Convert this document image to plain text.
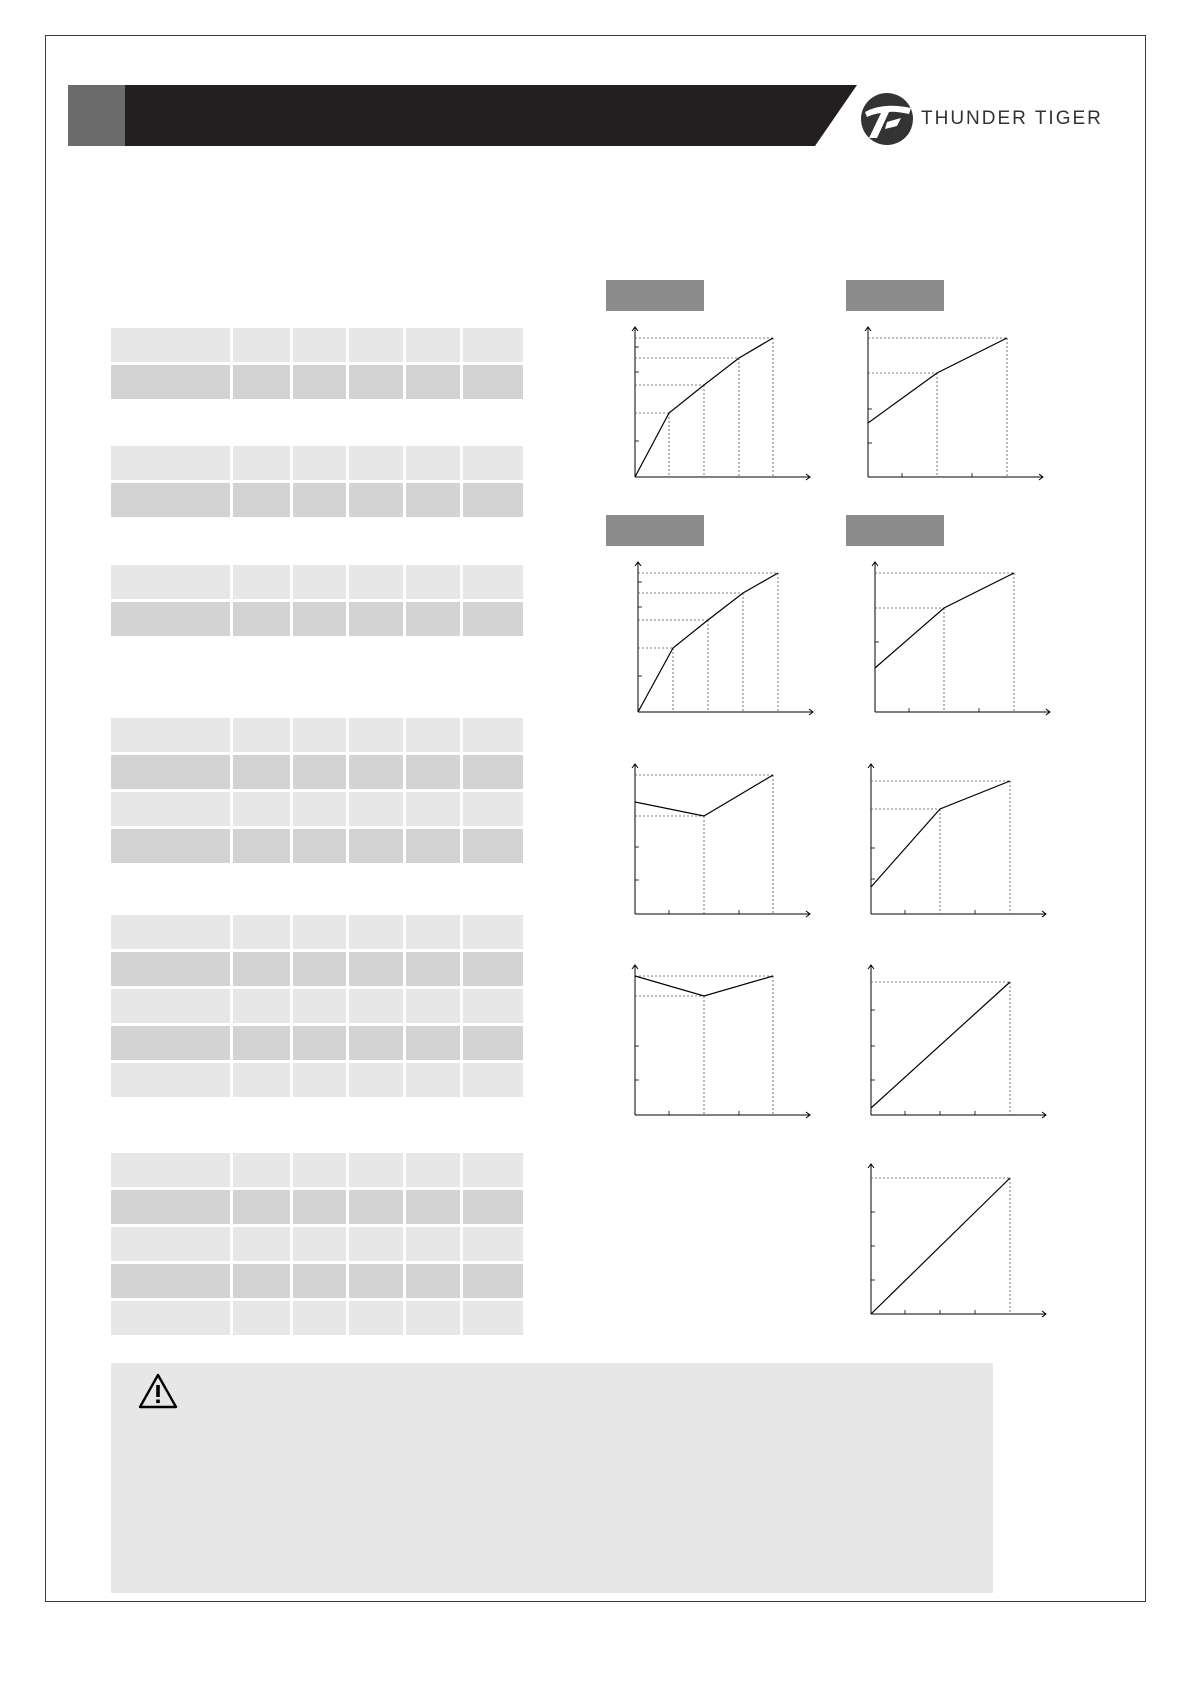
THUNDER TIGER
